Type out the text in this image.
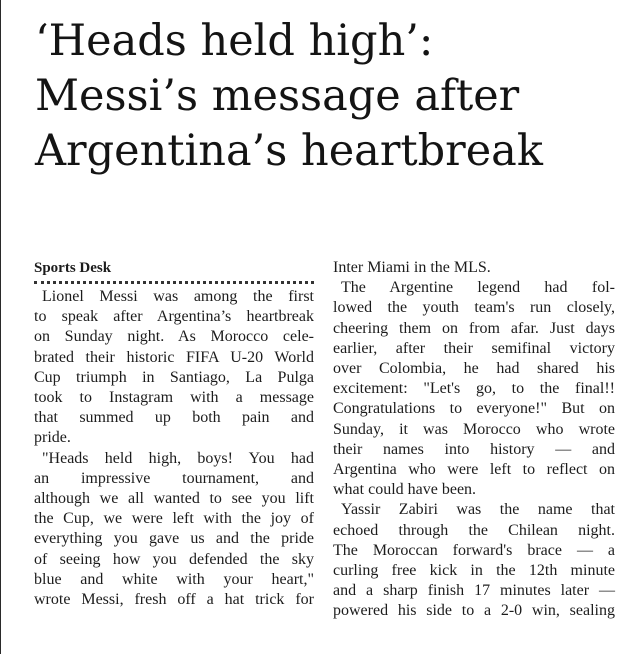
‘Heads held high’:
Messi’s message after
Argentina’s heartbreak
Sports Desk
Lionel Messi was among the first
to speak after Argentina’s heartbreak
on Sunday night. As Morocco cele-
brated their historic FIFA U-20 World
Cup triumph in Santiago, La Pulga
took to Instagram with a message
that summed up both pain and
pride.
"Heads held high, boys! You had
an impressive tournament, and
although we all wanted to see you lift
the Cup, we were left with the joy of
everything you gave us and the pride
of seeing how you defended the sky
blue and white with your heart,"
wrote Messi, fresh off a hat trick for
Inter Miami in the MLS.
The Argentine legend had fol-
lowed the youth team's run closely,
cheering them on from afar. Just days
earlier, after their semifinal victory
over Colombia, he had shared his
excitement: "Let's go, to the final!!
Congratulations to everyone!" But on
Sunday, it was Morocco who wrote
their names into history — and
Argentina who were left to reflect on
what could have been.
Yassir Zabiri was the name that
echoed through the Chilean night.
The Moroccan forward's brace — a
curling free kick in the 12th minute
and a sharp finish 17 minutes later —
powered his side to a 2-0 win, sealing
